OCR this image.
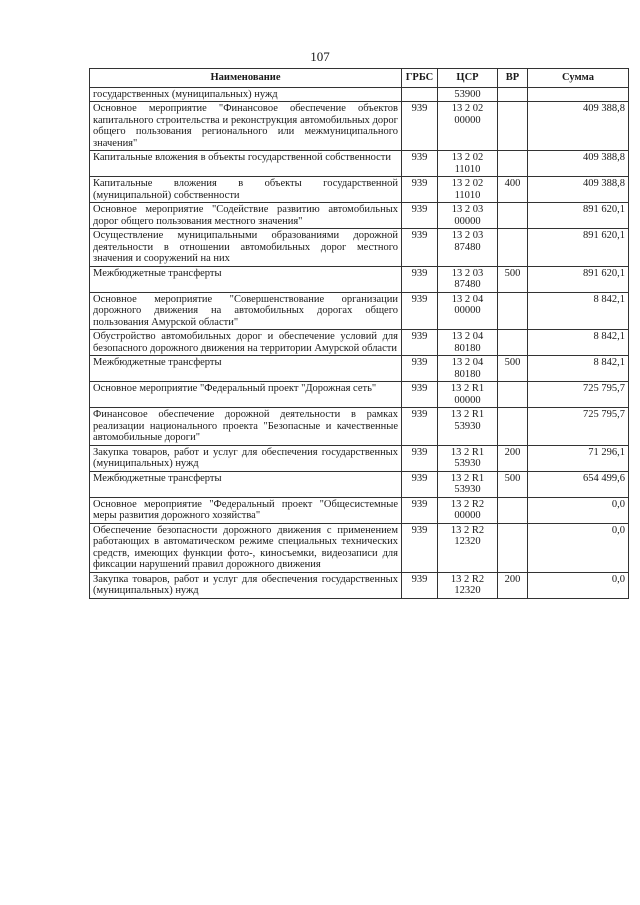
107
Наименование	ГРБС	ЦСР	ВР	Сумма
государственных (муниципальных) нужд		53900		
Основное мероприятие "Финансовое обеспечение объектов капитального строительства и реконструкция автомобильных дорог общего пользования регионального или межмуниципального значения"	939	13 2 02 00000		409 388,8
Капитальные вложения в объекты государственной собственности	939	13 2 02 11010		409 388,8
Капитальные вложения в объекты государственной (муниципальной) собственности	939	13 2 02 11010	400	409 388,8
Основное мероприятие "Содействие развитию автомобильных дорог общего пользования местного значения"	939	13 2 03 00000		891 620,1
Осуществление муниципальными образованиями дорожной деятельности в отношении автомобильных дорог местного значения и сооружений на них	939	13 2 03 87480		891 620,1
Межбюджетные трансферты	939	13 2 03 87480	500	891 620,1
Основное мероприятие "Совершенствование организации дорожного движения на автомобильных дорогах общего пользования Амурской области"	939	13 2 04 00000		8 842,1
Обустройство автомобильных дорог и обеспечение условий для безопасного дорожного движения на территории Амурской области	939	13 2 04 80180		8 842,1
Межбюджетные трансферты	939	13 2 04 80180	500	8 842,1
Основное мероприятие "Федеральный проект "Дорожная сеть"	939	13 2 R1 00000		725 795,7
Финансовое обеспечение дорожной деятельности в рамках реализации национального проекта "Безопасные и качественные автомобильные дороги"	939	13 2 R1 53930		725 795,7
Закупка товаров, работ и услуг для обеспечения государственных (муниципальных) нужд	939	13 2 R1 53930	200	71 296,1
Межбюджетные трансферты	939	13 2 R1 53930	500	654 499,6
Основное мероприятие "Федеральный проект "Общесистемные меры развития дорожного хозяйства"	939	13 2 R2 00000		0,0
Обеспечение безопасности дорожного движения с применением работающих в автоматическом режиме специальных технических средств, имеющих функции фото-, киносъемки, видеозаписи для фиксации нарушений правил дорожного движения	939	13 2 R2 12320		0,0
Закупка товаров, работ и услуг для обеспечения государственных (муниципальных) нужд	939	13 2 R2 12320	200	0,0
